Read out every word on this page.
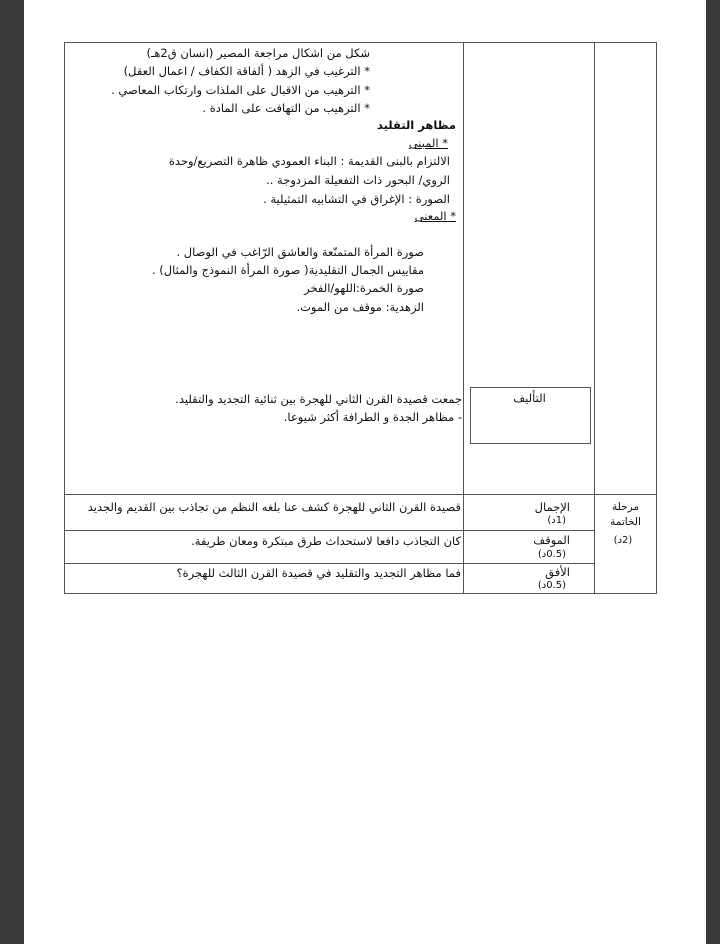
شكل من اشكال مراجعة المصير (انسان ق2هـ)
* الترغيب في الزهد ( ألفاقة الكفاف / اعمال العقل)
* الترهيب من الاقبال على الملذات وارتكاب المعاصي .
* الترهيب من التهافت على المادة .
مظاهر التقليد
* المبنى
الالتزام بالبنى القديمة : البناء العمودي ظاهرة التصريع/وحدة
الروي/ البحور ذات التفعيلة المزدوجة ..
الصورة : الإغراق في التشابيه التمثيلية .
* المعنى
صورة المرأة المتمنّعة والعاشق الرّاغب في الوصال .
مقاييس الجمال التقليدية( صورة المرأة النموذج والمثال) .
صورة الخمرة:اللهو/الفخر
الزهدية: موقف من الموت.
التأليف
جمعت قصيدة القرن الثاني للهجرة بين ثنائية التجديد والتقليد.
- مظاهر الجدة و الطرافة أكثر شيوعا.
مرحلة
الخاتمة
(2د)
الإجمال
(1د)
الموقف
(0.5د)
الأفق
(0.5د)
قصيدة القرن الثاني للهجرة كشف عنا بلغه النظم من تجاذب بين القديم والجديد
كان التجاذب دافعا لاستحداث طرق مبتكرة ومعان طريفة.
فما مظاهر التجديد والتقليد في قصيدة القرن الثالث للهجرة؟
